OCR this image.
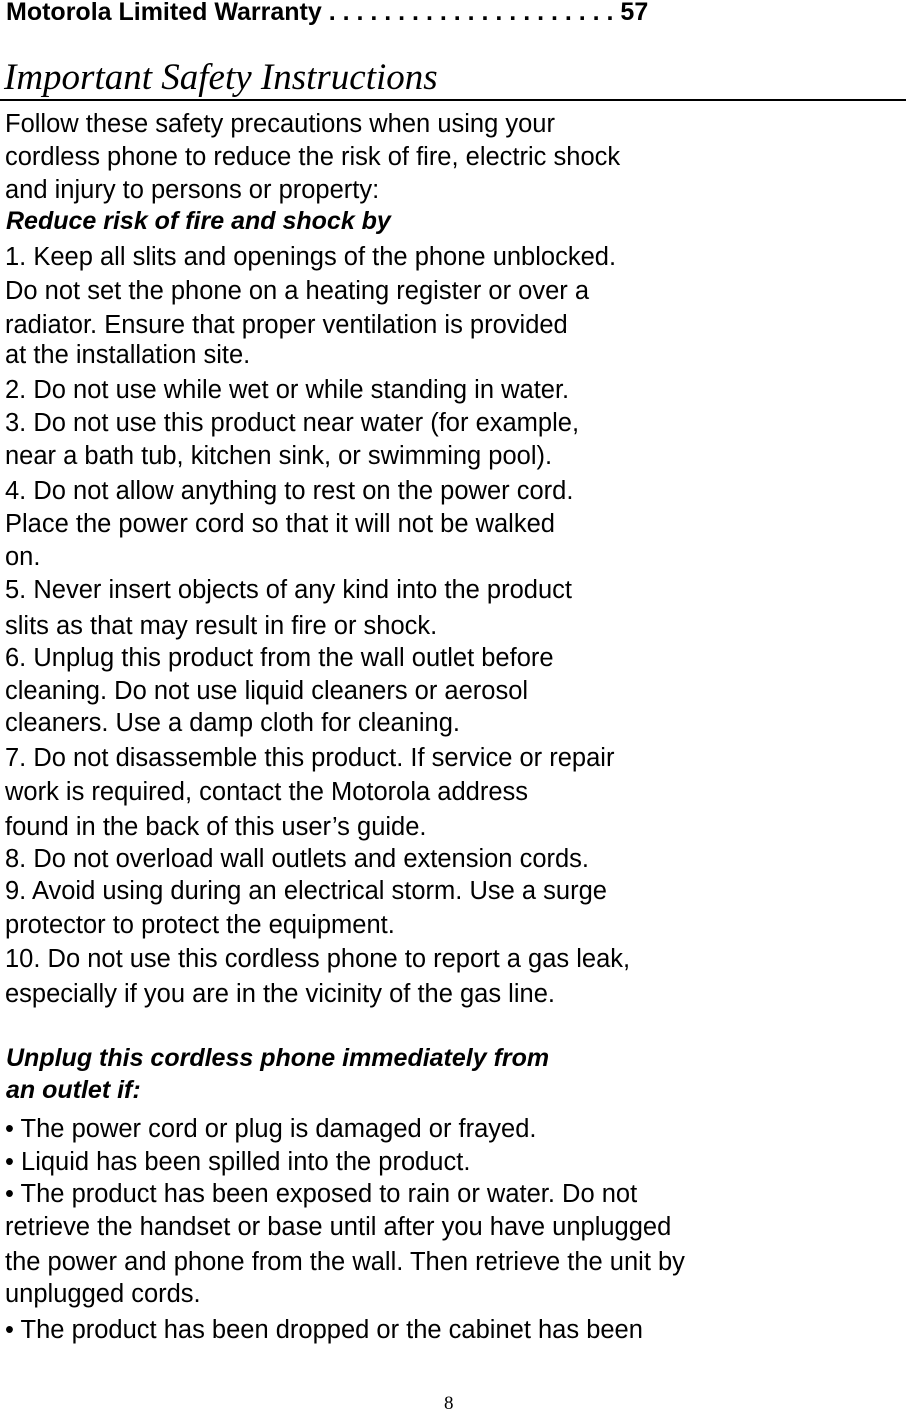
Motorola Limited Warranty . . . . . . . . . . . . . . . . . . . . . 57
Important Safety Instructions
Follow these safety precautions when using your
cordless phone to reduce the risk of fire, electric shock
and injury to persons or property:
Reduce risk of fire and shock by
1. Keep all slits and openings of the phone unblocked.
Do not set the phone on a heating register or over a
radiator. Ensure that proper ventilation is provided
at the installation site.
2. Do not use while wet or while standing in water.
3. Do not use this product near water (for example,
near a bath tub, kitchen sink, or swimming pool).
4. Do not allow anything to rest on the power cord.
Place the power cord so that it will not be walked
on.
5. Never insert objects of any kind into the product
slits as that may result in fire or shock.
6. Unplug this product from the wall outlet before
cleaning. Do not use liquid cleaners or aerosol
cleaners. Use a damp cloth for cleaning.
7. Do not disassemble this product. If service or repair
work is required, contact the Motorola address
found in the back of this user’s guide.
8. Do not overload wall outlets and extension cords.
9. Avoid using during an electrical storm. Use a surge
protector to protect the equipment.
10. Do not use this cordless phone to report a gas leak,
especially if you are in the vicinity of the gas line.
Unplug this cordless phone immediately from
an outlet if:
• The power cord or plug is damaged or frayed.
• Liquid has been spilled into the product.
• The product has been exposed to rain or water. Do not
retrieve the handset or base until after you have unplugged
the power and phone from the wall. Then retrieve the unit by
unplugged cords.
• The product has been dropped or the cabinet has been
8
